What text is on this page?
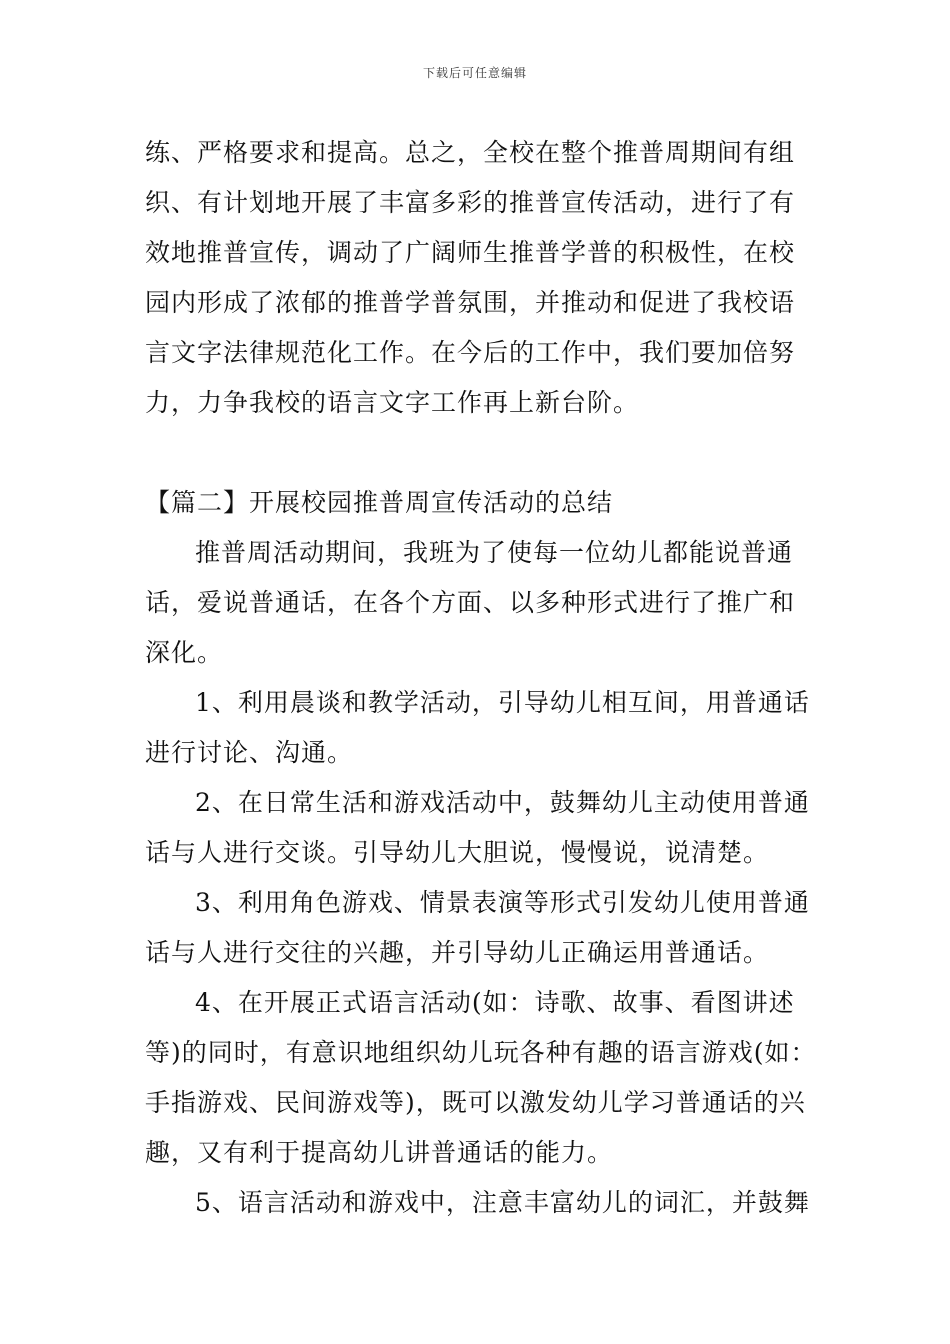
下载后可任意编辑
练、严格要求和提高。总之，全校在整个推普周期间有组
织、有计划地开展了丰富多彩的推普宣传活动，进行了有
效地推普宣传，调动了广阔师生推普学普的积极性，在校
园内形成了浓郁的推普学普氛围，并推动和促进了我校语
言文字法律规范化工作。在今后的工作中，我们要加倍努
力，力争我校的语言文字工作再上新台阶。
【篇二】开展校园推普周宣传活动的总结
推普周活动期间，我班为了使每一位幼儿都能说普通
话，爱说普通话，在各个方面、以多种形式进行了推广和
深化。
1、利用晨谈和教学活动，引导幼儿相互间，用普通话
进行讨论、沟通。
2、在日常生活和游戏活动中，鼓舞幼儿主动使用普通
话与人进行交谈。引导幼儿大胆说，慢慢说，说清楚。
3、利用角色游戏、情景表演等形式引发幼儿使用普通
话与人进行交往的兴趣，并引导幼儿正确运用普通话。
4、在开展正式语言活动(如：诗歌、故事、看图讲述
等)的同时，有意识地组织幼儿玩各种有趣的语言游戏(如：
手指游戏、民间游戏等)，既可以激发幼儿学习普通话的兴
趣，又有利于提高幼儿讲普通话的能力。
5、语言活动和游戏中，注意丰富幼儿的词汇，并鼓舞
